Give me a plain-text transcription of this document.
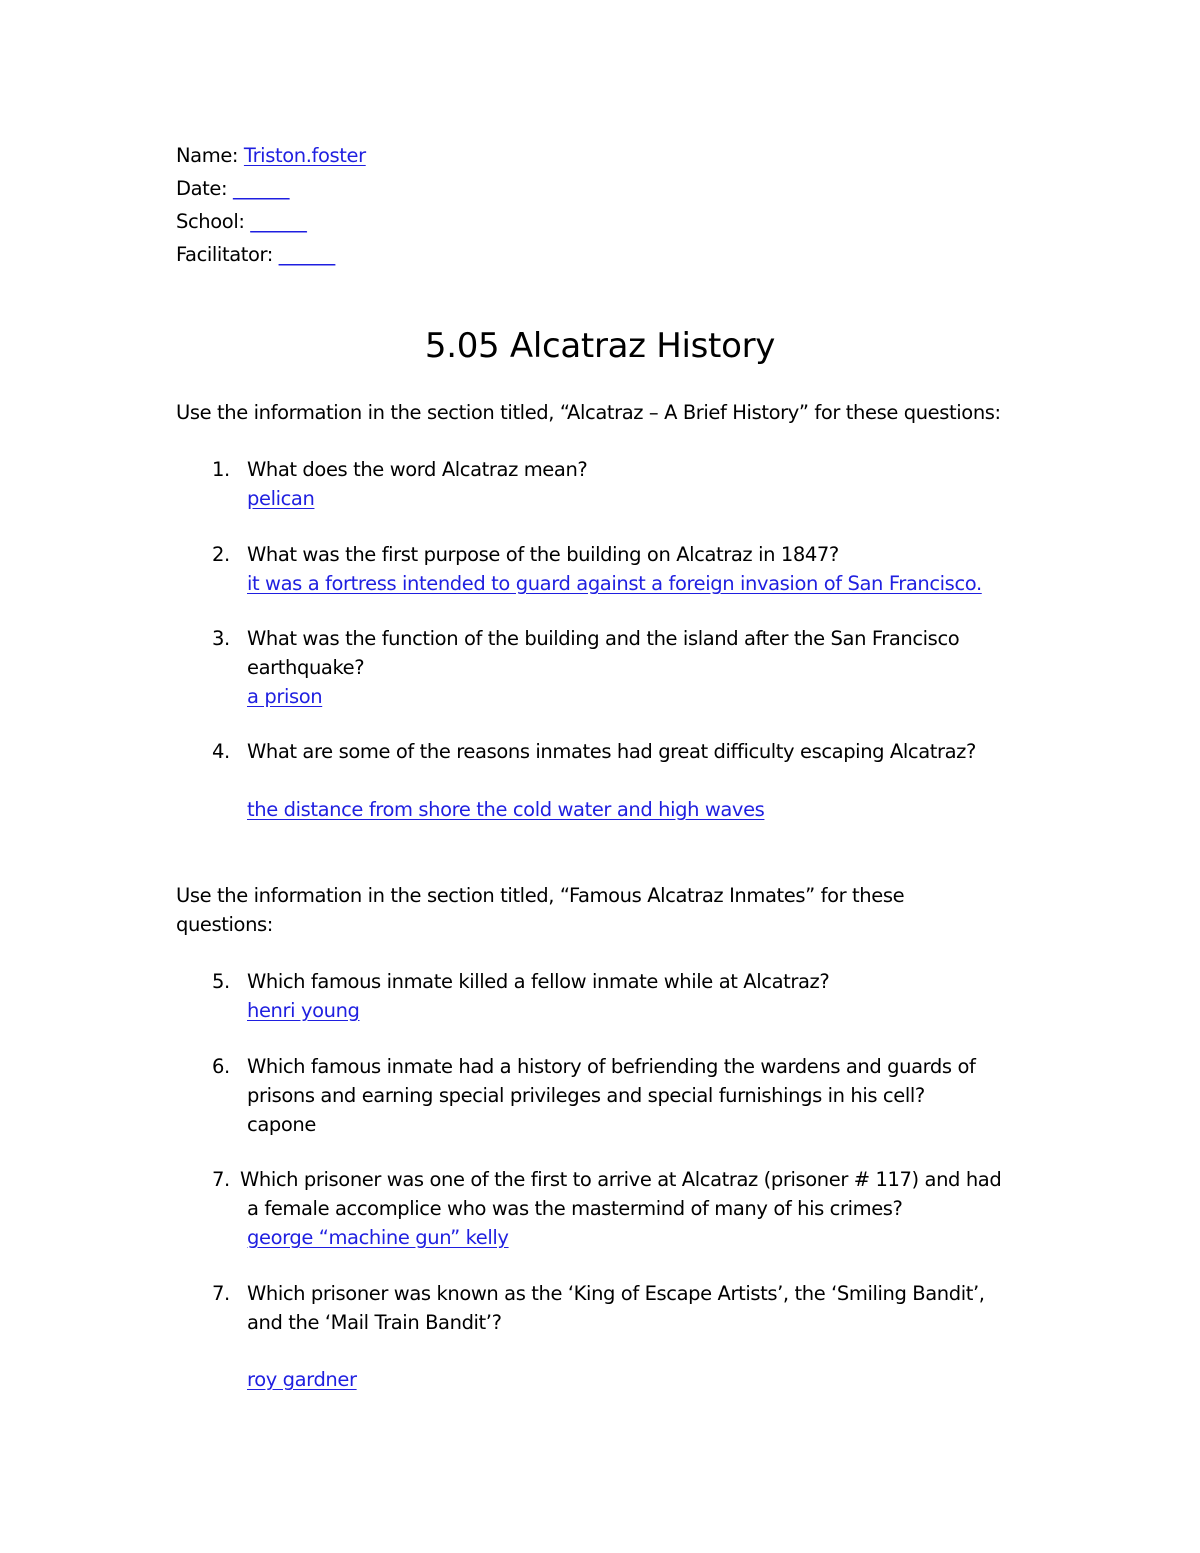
Name: Triston.foster
Date: ______
School: ______
Facilitator: ______
5.05 Alcatraz History
Use the information in the section titled, “Alcatraz – A Brief History” for these questions:
1. What does the word Alcatraz mean?
pelican
2. What was the first purpose of the building on Alcatraz in 1847?
it was a fortress intended to guard against a foreign invasion of San Francisco.
3. What was the function of the building and the island after the San Francisco
earthquake?
a prison
4. What are some of the reasons inmates had great difficulty escaping Alcatraz?
the distance from shore the cold water and high waves
Use the information in the section titled, “Famous Alcatraz Inmates” for these
questions:
5. Which famous inmate killed a fellow inmate while at Alcatraz?
henri young
6. Which famous inmate had a history of befriending the wardens and guards of
prisons and earning special privileges and special furnishings in his cell?
capone
7. Which prisoner was one of the first to arrive at Alcatraz (prisoner # 117) and had
a female accomplice who was the mastermind of many of his crimes?
george “machine gun” kelly
7. Which prisoner was known as the ‘King of Escape Artists’, the ‘Smiling Bandit’,
and the ‘Mail Train Bandit’?
roy gardner
